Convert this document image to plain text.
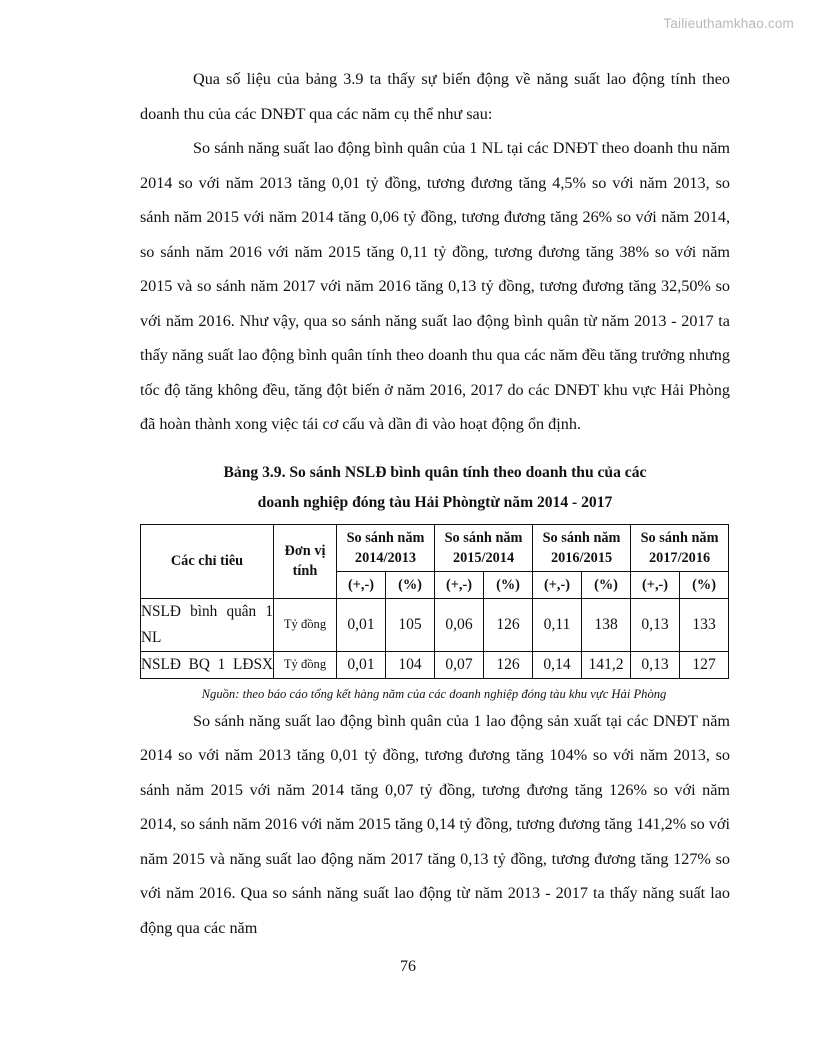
Tailieuthamkhao.com

Qua số liệu của bảng 3.9 ta thấy sự biến động về năng suất lao động tính theo doanh thu của các DNĐT qua các năm cụ thể như sau:

So sánh năng suất lao động bình quân của 1 NL tại các DNĐT theo doanh thu năm 2014 so với năm 2013 tăng 0,01 tỷ đồng, tương đương tăng 4,5% so với năm 2013, so sánh năm 2015 với năm 2014 tăng 0,06 tỷ đồng, tương đương tăng 26% so với năm 2014, so sánh năm 2016 với năm 2015 tăng 0,11 tỷ đồng, tương đương tăng 38% so với năm 2015 và so sánh năm 2017 với năm 2016 tăng 0,13 tỷ đồng, tương đương tăng 32,50% so với năm 2016. Như vậy, qua so sánh năng suất lao động bình quân từ năm 2013 - 2017 ta thấy năng suất lao động bình quân tính theo doanh thu qua các năm đều tăng trưởng nhưng tốc độ tăng không đều, tăng đột biến ở năm 2016, 2017 do các DNĐT khu vực Hải Phòng đã hoàn thành xong việc tái cơ cấu và dần đi vào hoạt động ổn định.

Bảng 3.9. So sánh NSLĐ bình quân tính theo doanh thu của các
doanh nghiệp đóng tàu Hải Phòngtừ năm 2014 - 2017
Các chỉ tiêu	Đơn vị tính	So sánh năm 2014/2013		So sánh năm 2015/2014		So sánh năm 2016/2015		So sánh năm 2017/2016	
		(+,-)	(%)	(+,-)	(%)	(+,-)	(%)	(+,-)	(%)
NSLĐ bình quân 1 NL	Tỷ đồng	0,01	105	0,06	126	0,11	138	0,13	133
NSLĐ BQ 1 LĐSX	Tỷ đồng	0,01	104	0,07	126	0,14	141,2	0,13	127

Nguồn: theo báo cáo tổng kết hàng năm của các doanh nghiệp đóng tàu khu vực Hải Phòng

So sánh năng suất lao động bình quân của 1 lao động sản xuất tại các DNĐT năm 2014 so với năm 2013 tăng 0,01 tỷ đồng, tương đương tăng 104% so với năm 2013, so sánh năm 2015 với năm 2014 tăng 0,07 tỷ đồng, tương đương tăng 126% so với năm 2014, so sánh năm 2016 với năm 2015 tăng 0,14 tỷ đồng, tương đương tăng 141,2% so với năm 2015 và năng suất lao động năm 2017 tăng 0,13 tỷ đồng, tương đương tăng 127% so với năm 2016. Qua so sánh năng suất lao động từ năm 2013 - 2017 ta thấy năng suất lao động qua các năm

76
